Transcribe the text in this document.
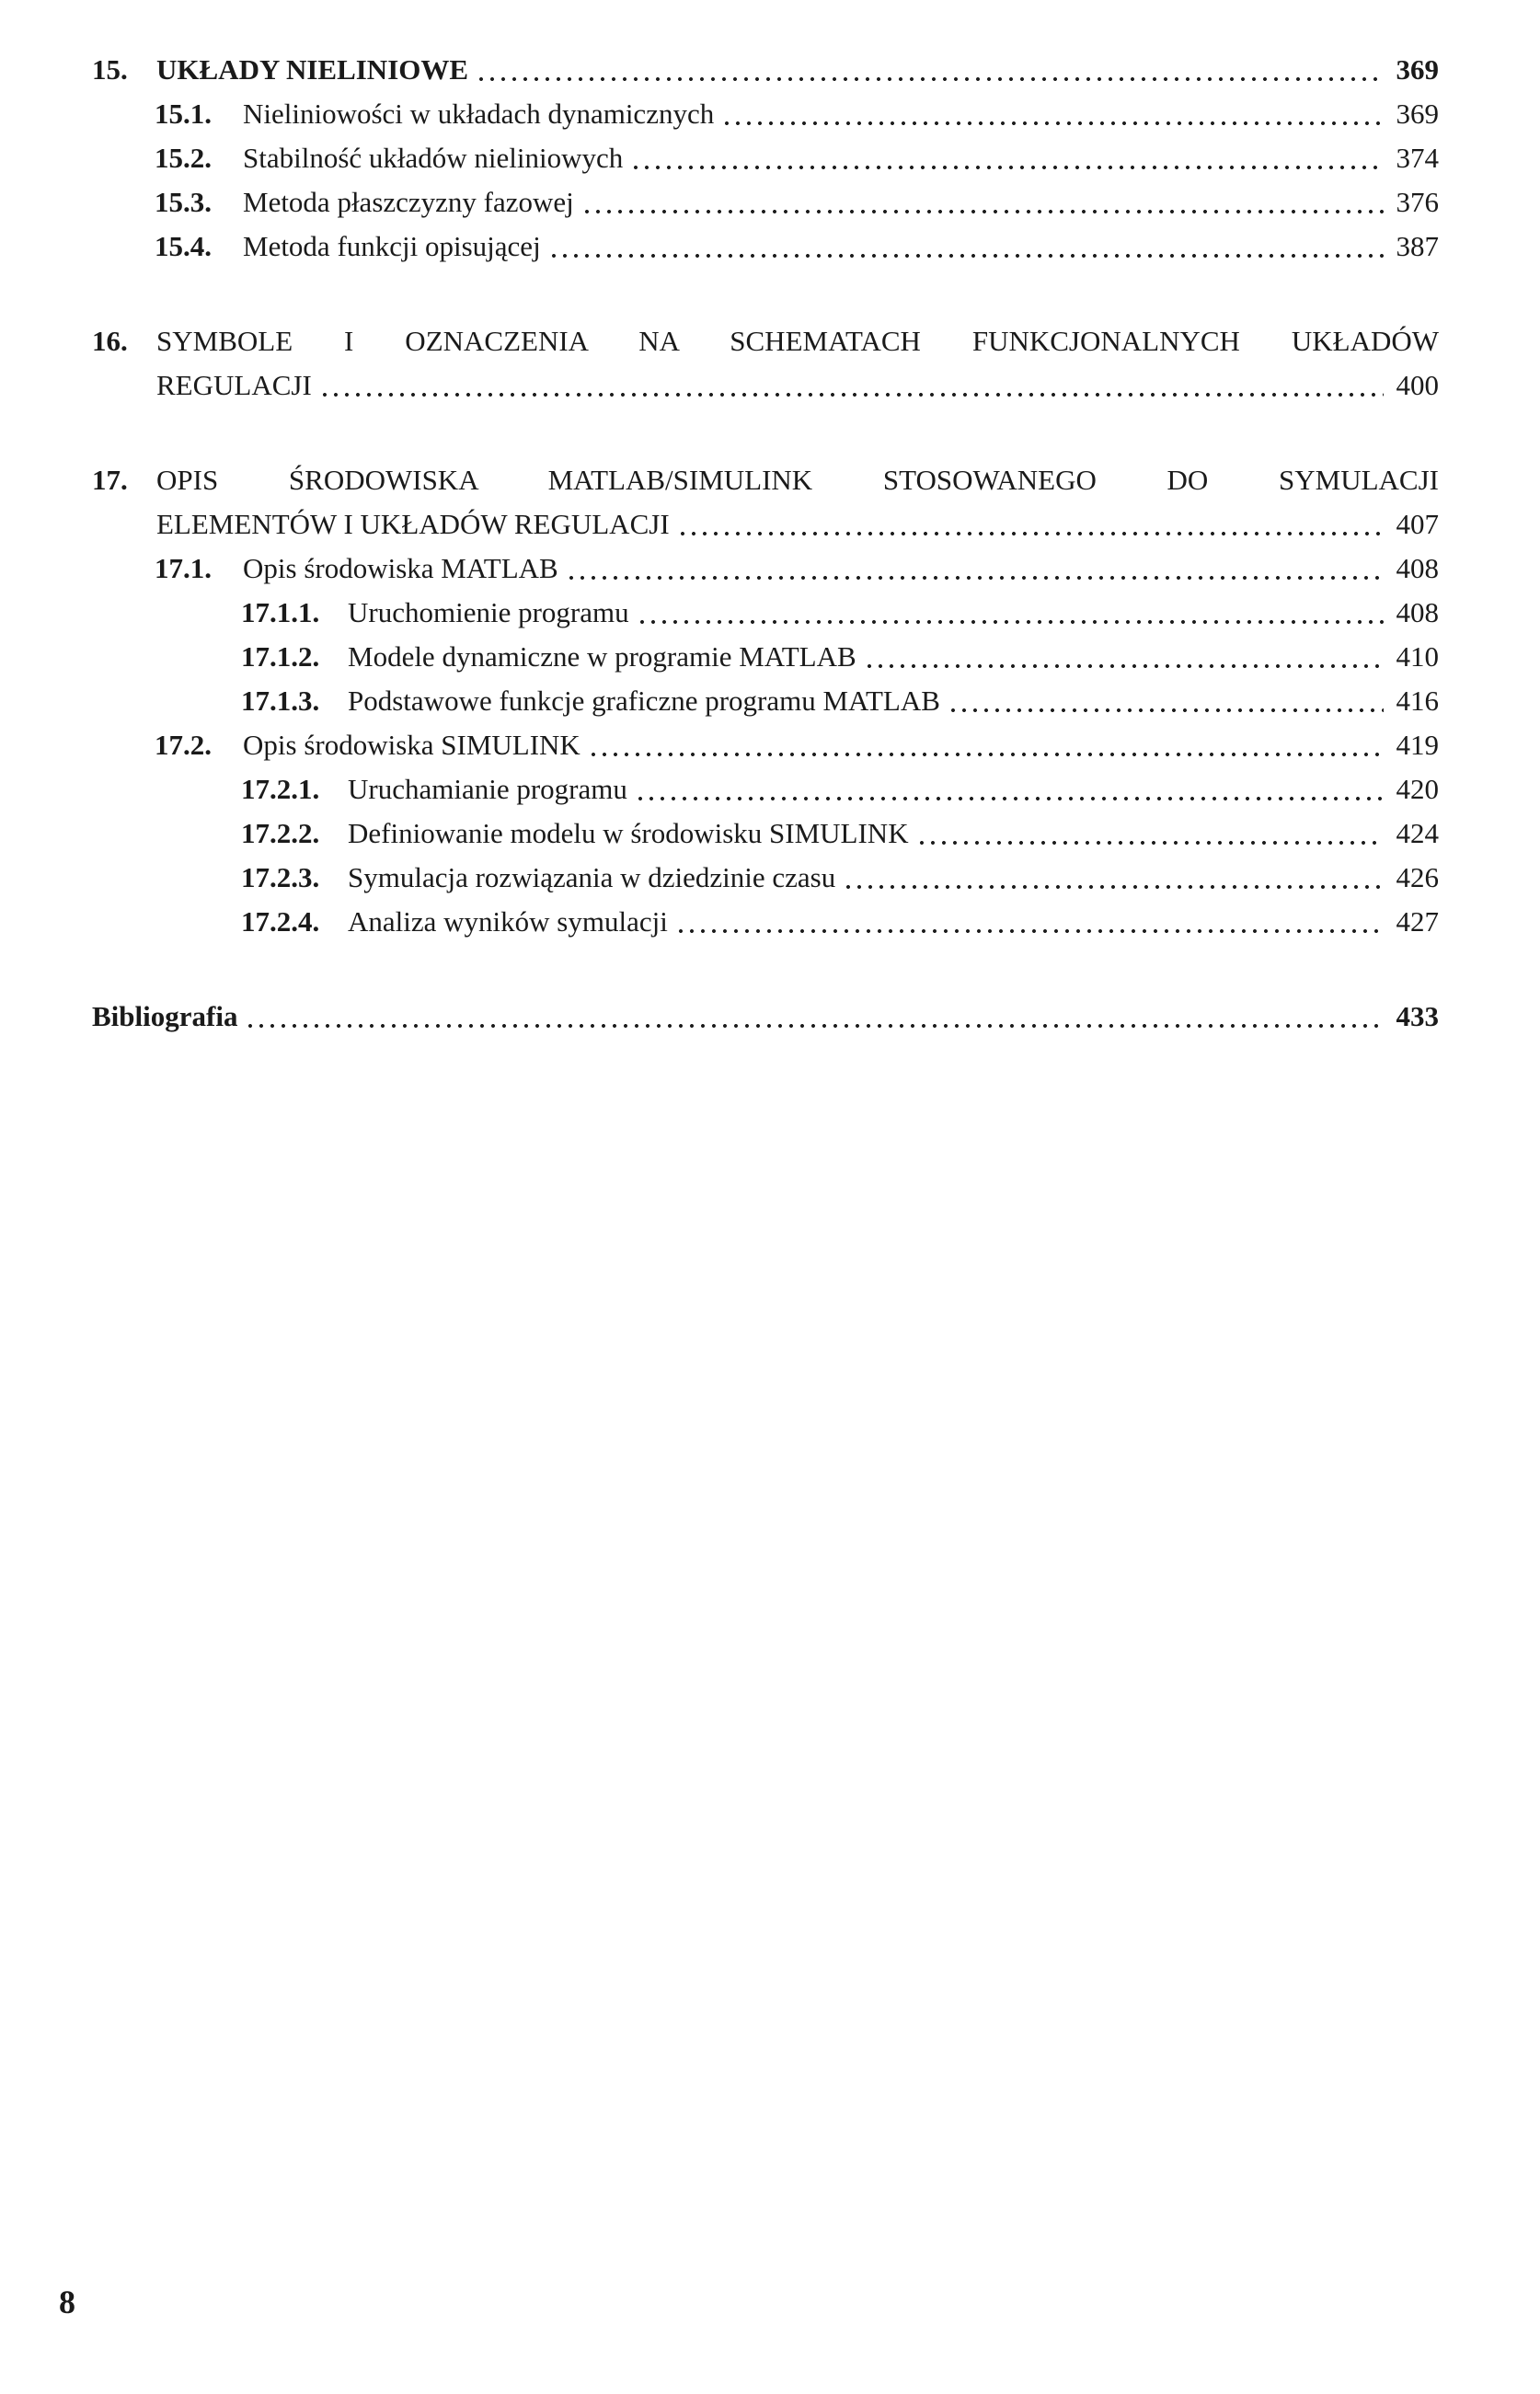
15.	UKŁADY NIELINIOWE	369
15.1.	Nieliniowości w układach dynamicznych	369
15.2.	Stabilność układów nieliniowych	374
15.3.	Metoda płaszczyzny fazowej	376
15.4.	Metoda funkcji opisującej	387
16.	SYMBOLE I OZNACZENIA NA SCHEMATACH FUNKCJONALNYCH UKŁADÓW
REGULACJI	400
17.	OPIS ŚRODOWISKA MATLAB/SIMULINK STOSOWANEGO DO SYMULACJI
ELEMENTÓW I UKŁADÓW REGULACJI	407
17.1.	Opis środowiska MATLAB	408
17.1.1. Uruchomienie programu	408
17.1.2. Modele dynamiczne w programie MATLAB	410
17.1.3. Podstawowe funkcje graficzne programu MATLAB	416
17.2.	Opis środowiska SIMULINK	419
17.2.1. Uruchamianie programu	420
17.2.2. Definiowanie modelu w środowisku SIMULINK	424
17.2.3. Symulacja rozwiązania w dziedzinie czasu	426
17.2.4. Analiza wyników symulacji	427
Bibliografia	433
8
